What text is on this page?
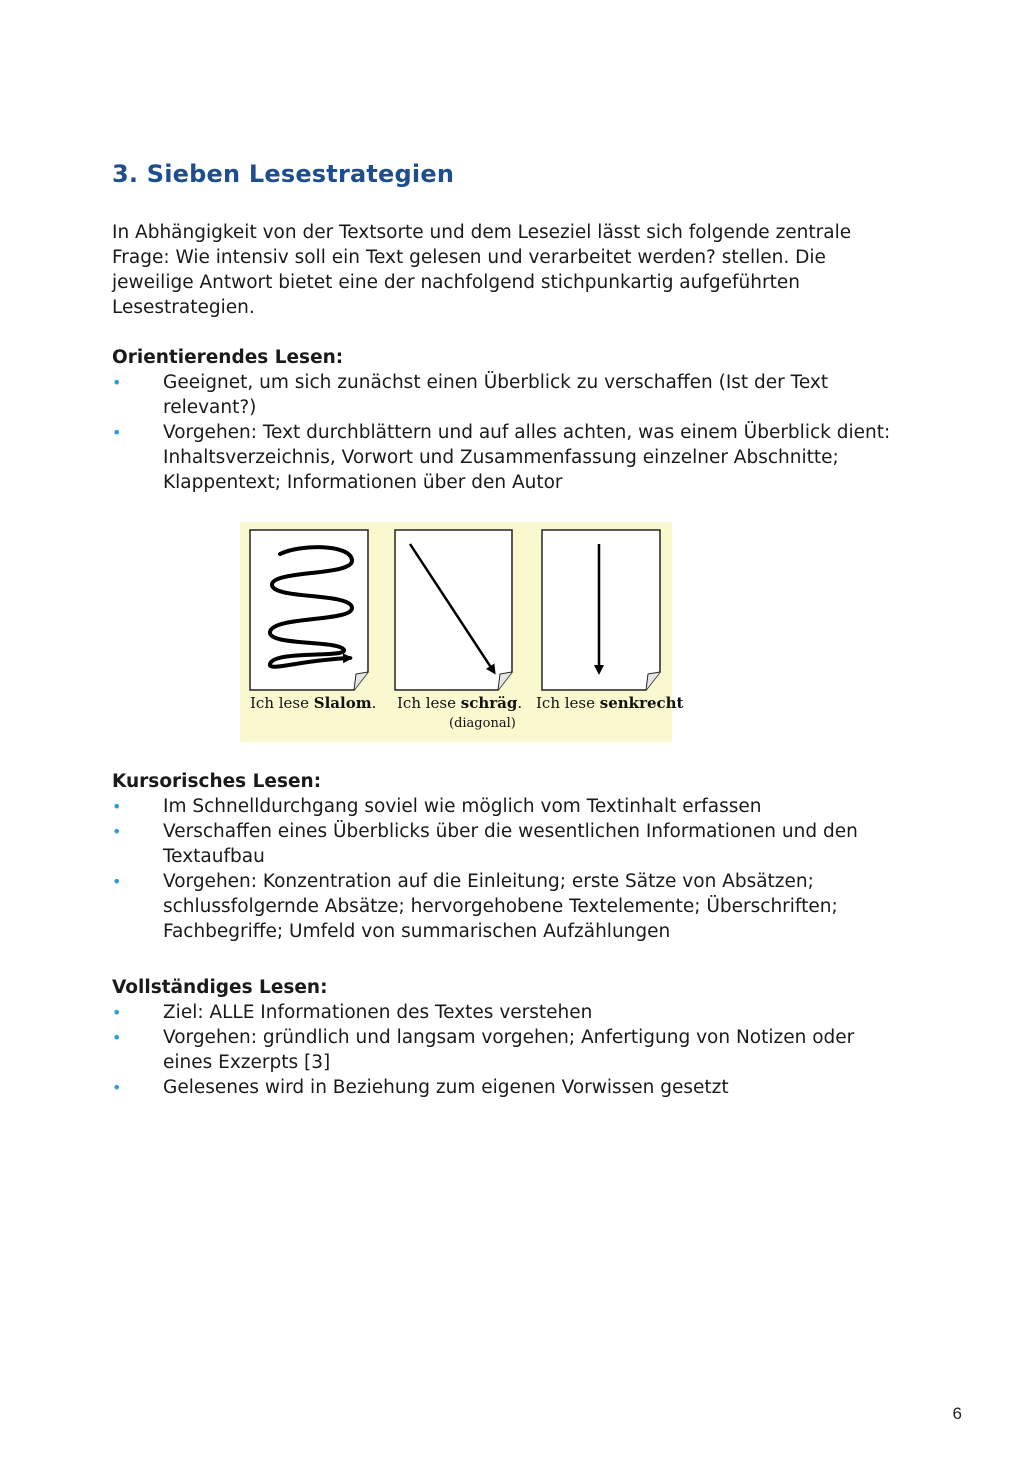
3. Sieben Lesestrategien

In Abhängigkeit von der Textsorte und dem Leseziel lässt sich folgende zentrale Frage: Wie intensiv soll ein Text gelesen und verarbeitet werden? stellen. Die jeweilige Antwort bietet eine der nachfolgend stichpunkartig aufgeführten Lesestrategien.

Orientierendes Lesen:
• Geeignet, um sich zunächst einen Überblick zu verschaffen (Ist der Text relevant?)
• Vorgehen: Text durchblättern und auf alles achten, was einem Überblick dient: Inhaltsverzeichnis, Vorwort und Zusammenfassung einzelner Abschnitte; Klappentext; Informationen über den Autor
Ich lese Slalom. Ich lese schräg.
(diagonal)
Ich lese senkrecht
Kursorisches Lesen:
• Im Schnelldurchgang soviel wie möglich vom Textinhalt erfassen
• Verschaffen eines Überblicks über die wesentlichen Informationen und den Textaufbau
• Vorgehen: Konzentration auf die Einleitung; erste Sätze von Absätzen; schlussfolgernde Absätze; hervorgehobene Textelemente; Überschriften; Fachbegriffe; Umfeld von summarischen Aufzählungen
Vollständiges Lesen:
• Ziel: ALLE Informationen des Textes verstehen
• Vorgehen: gründlich und langsam vorgehen; Anfertigung von Notizen oder eines Exzerpts [3]
• Gelesenes wird in Beziehung zum eigenen Vorwissen gesetzt
6
